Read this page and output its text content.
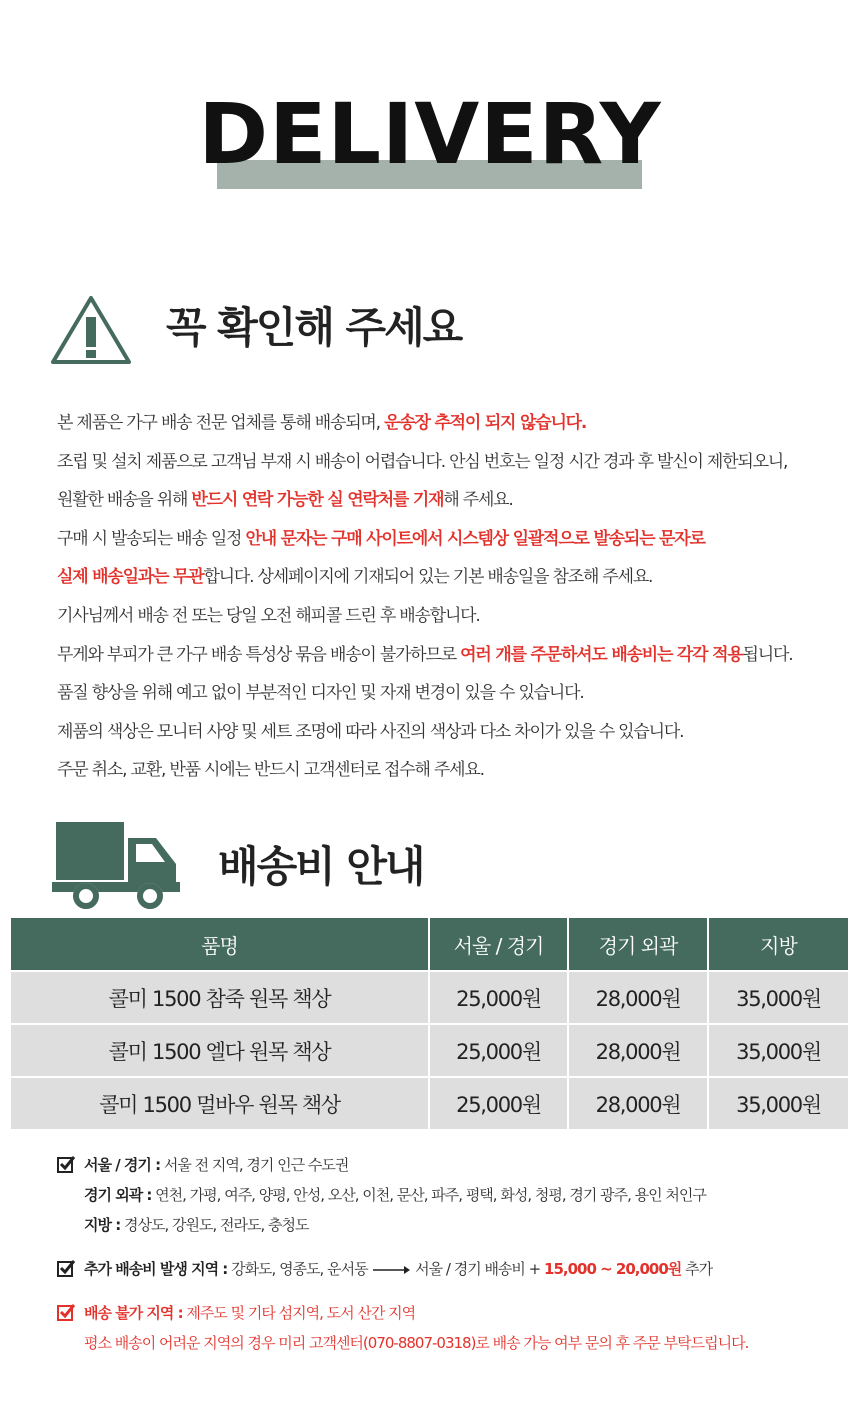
DELIVERY
꼭 확인해 주세요
본 제품은 가구 배송 전문 업체를 통해 배송되며, 운송장 추적이 되지 않습니다.
조립 및 설치 제품으로 고객님 부재 시 배송이 어렵습니다. 안심 번호는 일정 시간 경과 후 발신이 제한되오니,
원활한 배송을 위해 반드시 연락 가능한 실 연락처를 기재해 주세요.
구매 시 발송되는 배송 일정 안내 문자는 구매 사이트에서 시스템상 일괄적으로 발송되는 문자로
실제 배송일과는 무관합니다. 상세페이지에 기재되어 있는 기본 배송일을 참조해 주세요.
기사님께서 배송 전 또는 당일 오전 해피콜 드린 후 배송합니다.
무게와 부피가 큰 가구 배송 특성상 묶음 배송이 불가하므로 여러 개를 주문하셔도 배송비는 각각 적용됩니다.
품질 향상을 위해 예고 없이 부분적인 디자인 및 자재 변경이 있을 수 있습니다.
제품의 색상은 모니터 사양 및 세트 조명에 따라 사진의 색상과 다소 차이가 있을 수 있습니다.
주문 취소, 교환, 반품 시에는 반드시 고객센터로 접수해 주세요.
배송비 안내
품명	서울 / 경기	경기 외곽	지방
콜미 1500 참죽 원목 책상	25,000원	28,000원	35,000원
콜미 1500 엘다 원목 책상	25,000원	28,000원	35,000원
콜미 1500 멀바우 원목 책상	25,000원	28,000원	35,000원
서울 / 경기 : 서울 전 지역, 경기 인근 수도권
경기 외곽 : 연천, 가평, 여주, 양평, 안성, 오산, 이천, 문산, 파주, 평택, 화성, 청평, 경기 광주, 용인 처인구
지방 : 경상도, 강원도, 전라도, 충청도
추가 배송비 발생 지역 : 강화도, 영종도, 운서동	서울 / 경기 배송비 + 15,000 ~ 20,000원 추가
배송 불가 지역 : 제주도 및 기타 섬지역, 도서 산간 지역
평소 배송이 어려운 지역의 경우 미리 고객센터(070-8807-0318)로 배송 가능 여부 문의 후 주문 부탁드립니다.
